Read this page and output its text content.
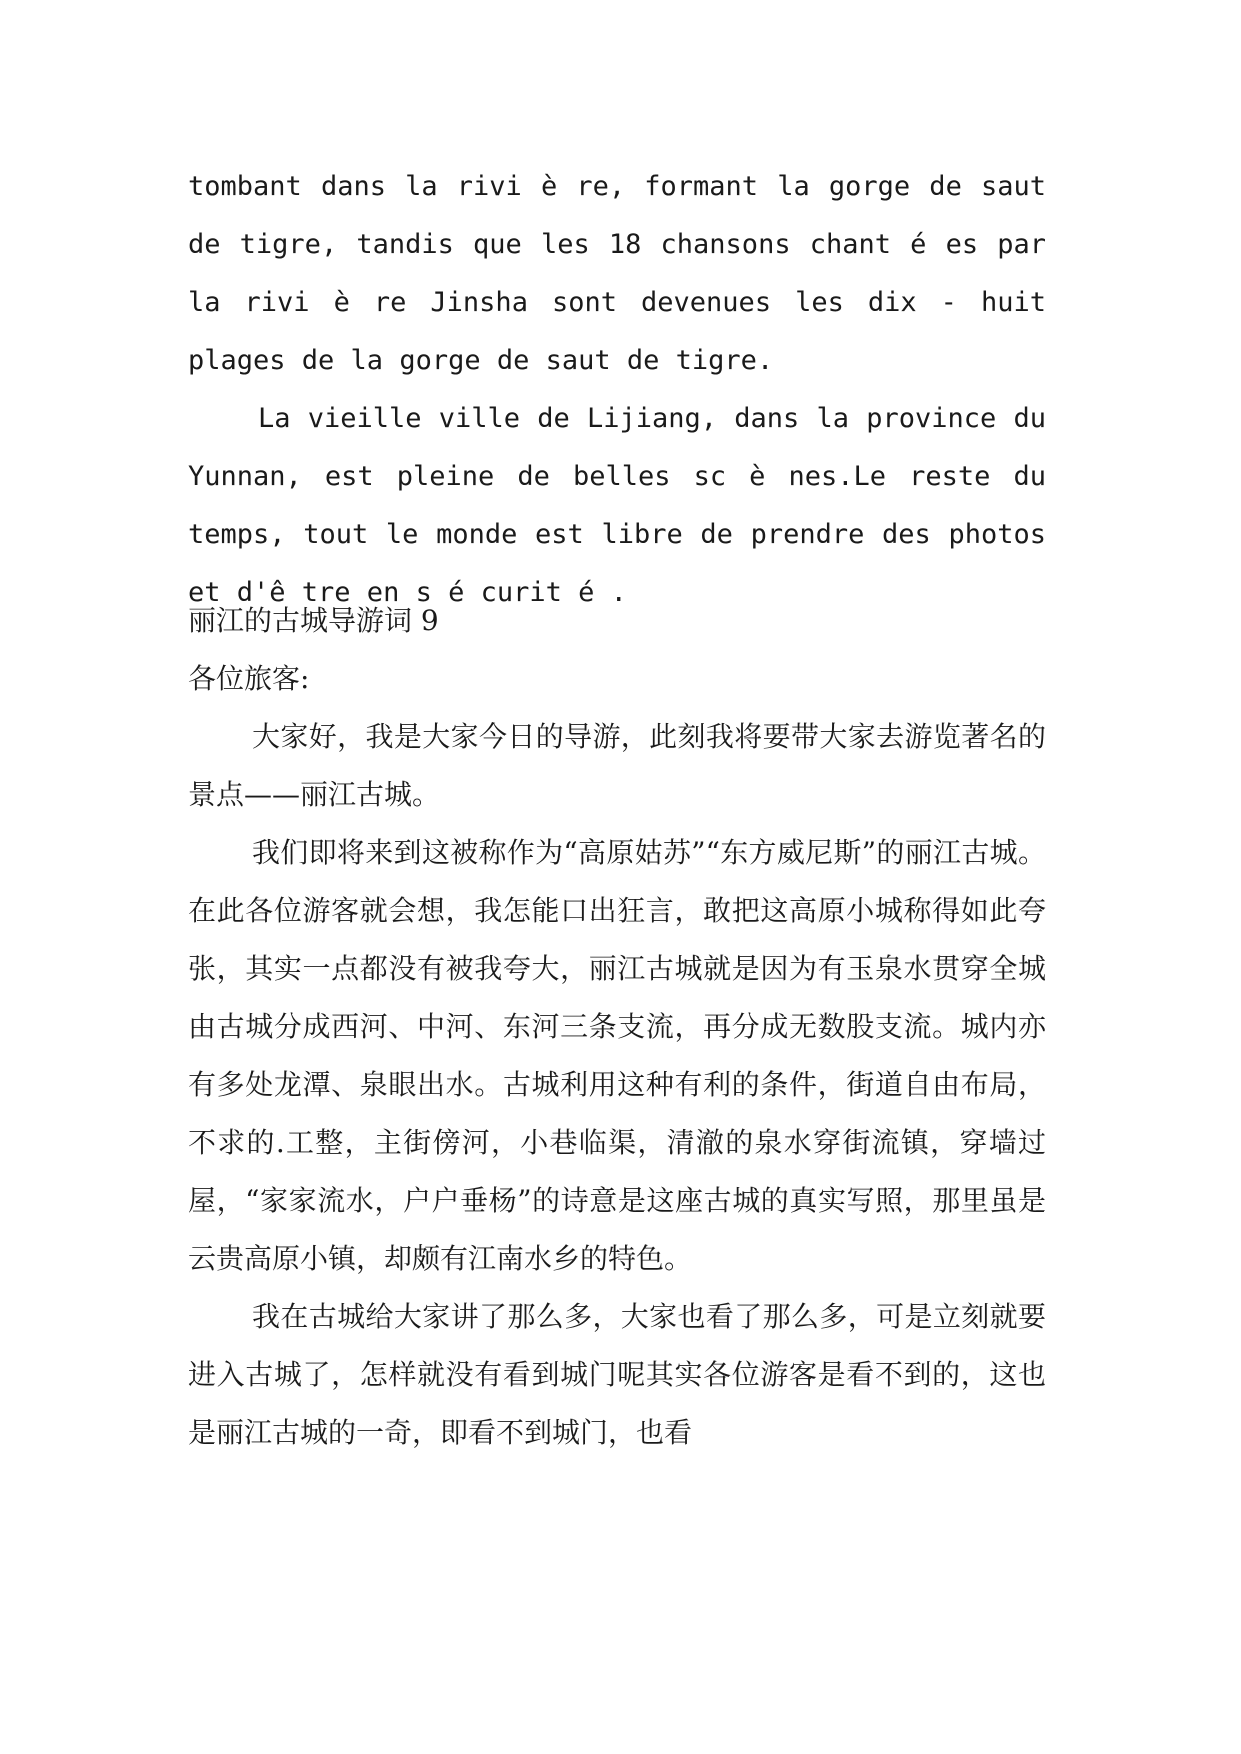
tombant dans la rivi è re, formant la gorge de saut de tigre, tandis que les 18 chansons chant é es par la rivi è re Jinsha sont devenues les dix - huit plages de la gorge de saut de tigre.

La vieille ville de Lijiang, dans la province du Yunnan, est pleine de belles sc è nes.Le reste du temps, tout le monde est libre de prendre des photos et d'ê tre en s é curit é .

丽江的古城导游词 9

各位旅客:

大家好，我是大家今日的导游，此刻我将要带大家去游览著名的景点——丽江古城。

我们即将来到这被称作为“高原姑苏”“东方威尼斯”的丽江古城。在此各位游客就会想，我怎能口出狂言，敢把这高原小城称得如此夸张，其实一点都没有被我夸大，丽江古城就是因为有玉泉水贯穿全城由古城分成西河、中河、东河三条支流，再分成无数股支流。城内亦有多处龙潭、泉眼出水。古城利用这种有利的条件，街道自由布局，不求的.工整，主街傍河，小巷临渠，清澈的泉水穿街流镇，穿墙过屋，“家家流水，户户垂杨”的诗意是这座古城的真实写照，那里虽是云贵高原小镇，却颇有江南水乡的特色。

我在古城给大家讲了那么多，大家也看了那么多，可是立刻就要进入古城了，怎样就没有看到城门呢其实各位游客是看不到的，这也是丽江古城的一奇，即看不到城门，也看
